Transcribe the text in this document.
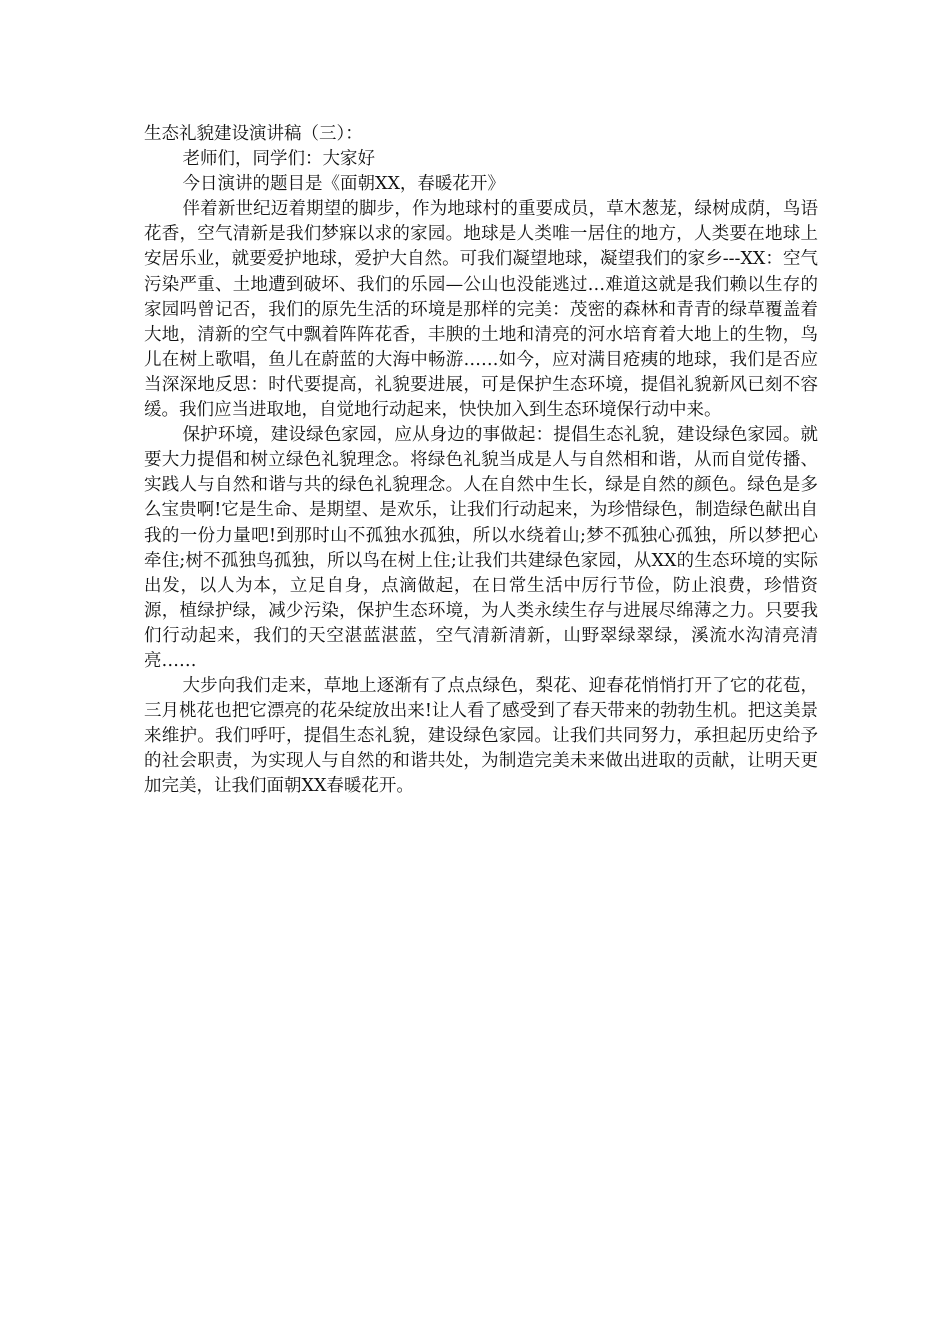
生态礼貌建设演讲稿（三）：

老师们，同学们：大家好

今日演讲的题目是《面朝XX，春暖花开》

伴着新世纪迈着期望的脚步，作为地球村的重要成员，草木葱茏，绿树成荫，鸟语花香，空气清新是我们梦寐以求的家园。地球是人类唯一居住的地方，人类要在地球上安居乐业，就要爱护地球，爱护大自然。可我们凝望地球，凝望我们的家乡---XX：空气污染严重、土地遭到破坏、我们的乐园—公山也没能逃过…难道这就是我们赖以生存的家园吗曾记否，我们的原先生活的环境是那样的完美：茂密的森林和青青的绿草覆盖着大地，清新的空气中飘着阵阵花香，丰腴的土地和清亮的河水培育着大地上的生物，鸟儿在树上歌唱，鱼儿在蔚蓝的大海中畅游……如今，应对满目疮痍的地球，我们是否应当深深地反思：时代要提高，礼貌要进展，可是保护生态环境，提倡礼貌新风已刻不容缓。我们应当进取地，自觉地行动起来，快快加入到生态环境保行动中来。

保护环境，建设绿色家园，应从身边的事做起：提倡生态礼貌，建设绿色家园。就要大力提倡和树立绿色礼貌理念。将绿色礼貌当成是人与自然相和谐，从而自觉传播、实践人与自然和谐与共的绿色礼貌理念。人在自然中生长，绿是自然的颜色。绿色是多么宝贵啊!它是生命、是期望、是欢乐，让我们行动起来，为珍惜绿色，制造绿色献出自我的一份力量吧!到那时山不孤独水孤独，所以水绕着山;梦不孤独心孤独，所以梦把心牵住;树不孤独鸟孤独，所以鸟在树上住;让我们共建绿色家园，从XX的生态环境的实际出发，以人为本，立足自身，点滴做起，在日常生活中厉行节俭，防止浪费，珍惜资源，植绿护绿，减少污染，保护生态环境，为人类永续生存与进展尽绵薄之力。只要我们行动起来，我们的天空湛蓝湛蓝，空气清新清新，山野翠绿翠绿，溪流水沟清亮清亮……

大步向我们走来，草地上逐渐有了点点绿色，梨花、迎春花悄悄打开了它的花苞，三月桃花也把它漂亮的花朵绽放出来!让人看了感受到了春天带来的勃勃生机。把这美景来维护。我们呼吁，提倡生态礼貌，建设绿色家园。让我们共同努力，承担起历史给予的社会职责，为实现人与自然的和谐共处，为制造完美未来做出进取的贡献，让明天更加完美，让我们面朝XX春暖花开。
